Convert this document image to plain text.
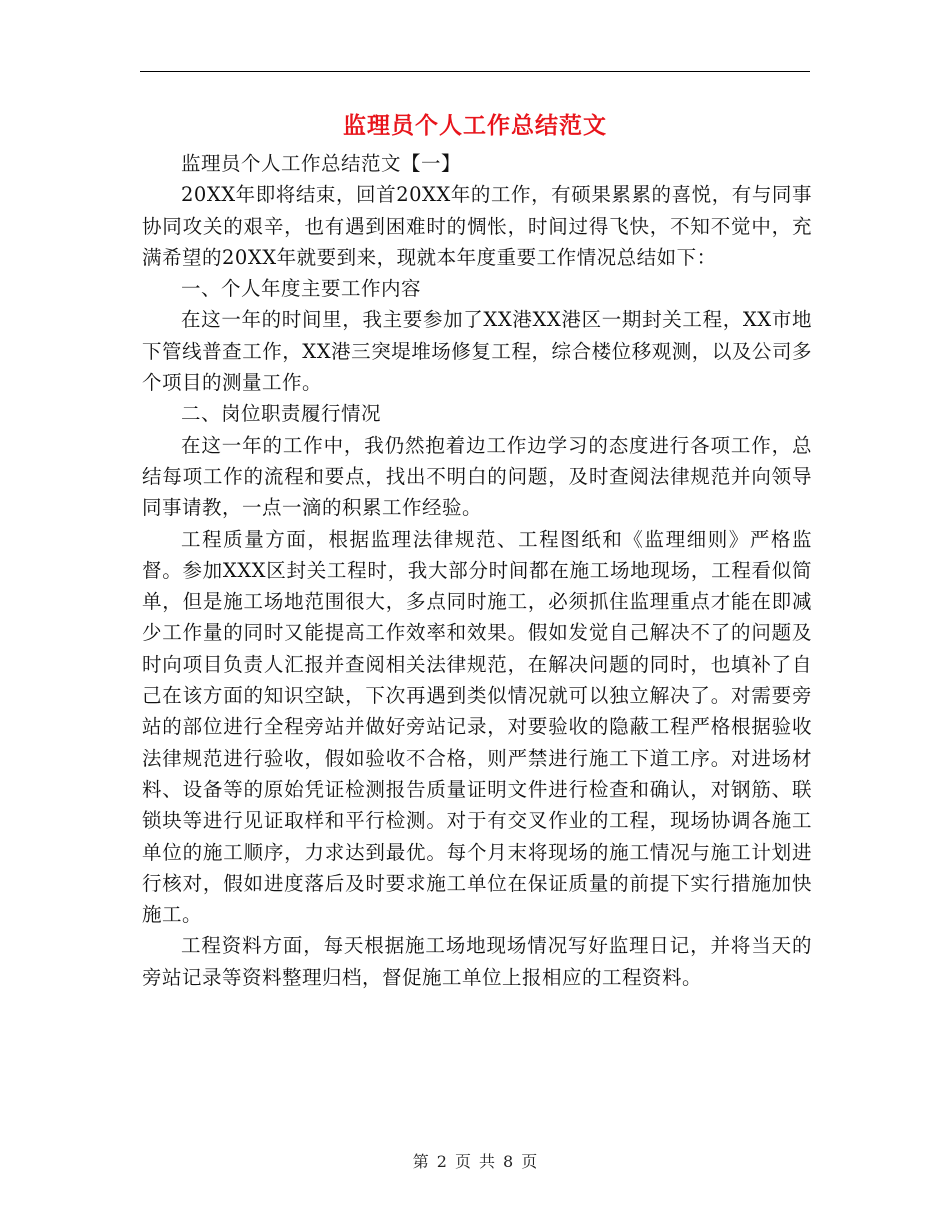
监理员个人工作总结范文

监理员个人工作总结范文【一】

20XX年即将结束，回首20XX年的工作，有硕果累累的喜悦，有与同事协同攻关的艰辛，也有遇到困难时的惆怅，时间过得飞快，不知不觉中，充满希望的20XX年就要到来，现就本年度重要工作情况总结如下：

一、个人年度主要工作内容

在这一年的时间里，我主要参加了XX港XX港区一期封关工程，XX市地下管线普查工作，XX港三突堤堆场修复工程，综合楼位移观测，以及公司多个项目的测量工作。

二、岗位职责履行情况

在这一年的工作中，我仍然抱着边工作边学习的态度进行各项工作，总结每项工作的流程和要点，找出不明白的问题，及时查阅法律规范并向领导同事请教，一点一滴的积累工作经验。

工程质量方面，根据监理法律规范、工程图纸和《监理细则》严格监督。参加XXX区封关工程时，我大部分时间都在施工场地现场，工程看似简单，但是施工场地范围很大，多点同时施工，必须抓住监理重点才能在即减少工作量的同时又能提高工作效率和效果。假如发觉自己解决不了的问题及时向项目负责人汇报并查阅相关法律规范，在解决问题的同时，也填补了自己在该方面的知识空缺，下次再遇到类似情况就可以独立解决了。对需要旁站的部位进行全程旁站并做好旁站记录，对要验收的隐蔽工程严格根据验收法律规范进行验收，假如验收不合格，则严禁进行施工下道工序。对进场材料、设备等的原始凭证检测报告质量证明文件进行检查和确认，对钢筋、联锁块等进行见证取样和平行检测。对于有交叉作业的工程，现场协调各施工单位的施工顺序，力求达到最优。每个月末将现场的施工情况与施工计划进行核对，假如进度落后及时要求施工单位在保证质量的前提下实行措施加快施工。

工程资料方面，每天根据施工场地现场情况写好监理日记，并将当天的旁站记录等资料整理归档，督促施工单位上报相应的工程资料。

第 2 页 共 8 页
